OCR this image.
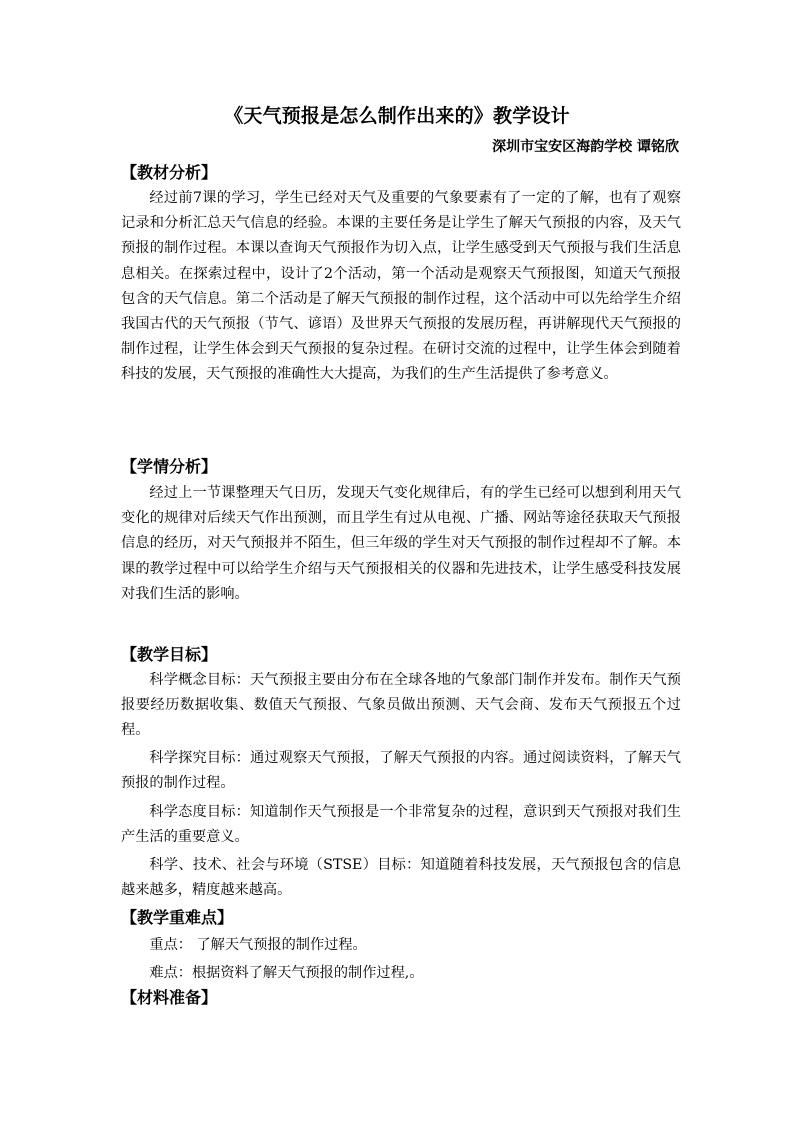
《天气预报是怎么制作出来的》教学设计
深圳市宝安区海韵学校 谭铭欣
【教材分析】

经过前7课的学习，学生已经对天气及重要的气象要素有了一定的了解，也有了观察记录和分析汇总天气信息的经验。本课的主要任务是让学生了解天气预报的内容，及天气预报的制作过程。本课以查询天气预报作为切入点，让学生感受到天气预报与我们生活息息相关。在探索过程中，设计了2个活动，第一个活动是观察天气预报图，知道天气预报包含的天气信息。第二个活动是了解天气预报的制作过程，这个活动中可以先给学生介绍我国古代的天气预报（节气、谚语）及世界天气预报的发展历程，再讲解现代天气预报的制作过程，让学生体会到天气预报的复杂过程。在研讨交流的过程中，让学生体会到随着科技的发展，天气预报的准确性大大提高，为我们的生产生活提供了参考意义。

【学情分析】

经过上一节课整理天气日历，发现天气变化规律后，有的学生已经可以想到利用天气变化的规律对后续天气作出预测，而且学生有过从电视、广播、网站等途径获取天气预报信息的经历，对天气预报并不陌生，但三年级的学生对天气预报的制作过程却不了解。本课的教学过程中可以给学生介绍与天气预报相关的仪器和先进技术，让学生感受科技发展对我们生活的影响。

【教学目标】

科学概念目标：天气预报主要由分布在全球各地的气象部门制作并发布。制作天气预报要经历数据收集、数值天气预报、气象员做出预测、天气会商、发布天气预报五个过程。

科学探究目标：通过观察天气预报，了解天气预报的内容。通过阅读资料，了解天气预报的制作过程。

科学态度目标：知道制作天气预报是一个非常复杂的过程，意识到天气预报对我们生产生活的重要意义。

科学、技术、社会与环境（STSE）目标：知道随着科技发展，天气预报包含的信息越来越多，精度越来越高。

【教学重难点】

重点： 了解天气预报的制作过程。

难点：根据资料了解天气预报的制作过程,。

【材料准备】
